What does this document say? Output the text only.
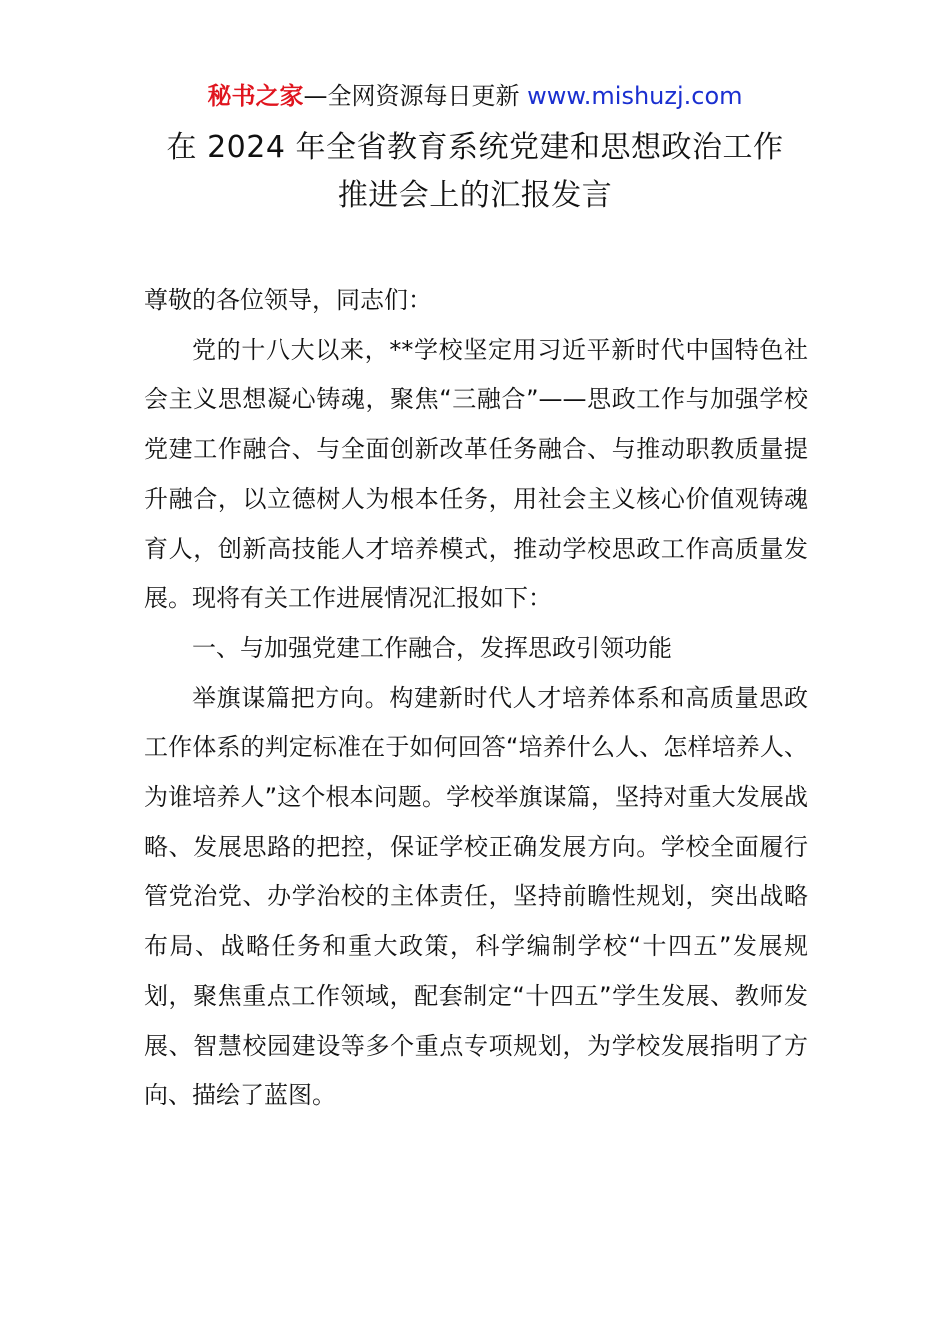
秘书之家—全网资源每日更新 www.mishuzj.com
在 2024 年全省教育系统党建和思想政治工作
推进会上的汇报发言

尊敬的各位领导，同志们：

党的十八大以来，**学校坚定用习近平新时代中国特色社会主义思想凝心铸魂，聚焦“三融合”——思政工作与加强学校党建工作融合、与全面创新改革任务融合、与推动职教质量提升融合，以立德树人为根本任务，用社会主义核心价值观铸魂育人，创新高技能人才培养模式，推动学校思政工作高质量发展。现将有关工作进展情况汇报如下：

一、与加强党建工作融合，发挥思政引领功能

举旗谋篇把方向。构建新时代人才培养体系和高质量思政工作体系的判定标准在于如何回答“培养什么人、怎样培养人、为谁培养人”这个根本问题。学校举旗谋篇，坚持对重大发展战略、发展思路的把控，保证学校正确发展方向。学校全面履行管党治党、办学治校的主体责任，坚持前瞻性规划，突出战略布局、战略任务和重大政策，科学编制学校“十四五”发展规划，聚焦重点工作领域，配套制定“十四五”学生发展、教师发展、智慧校园建设等多个重点专项规划，为学校发展指明了方向、描绘了蓝图。
